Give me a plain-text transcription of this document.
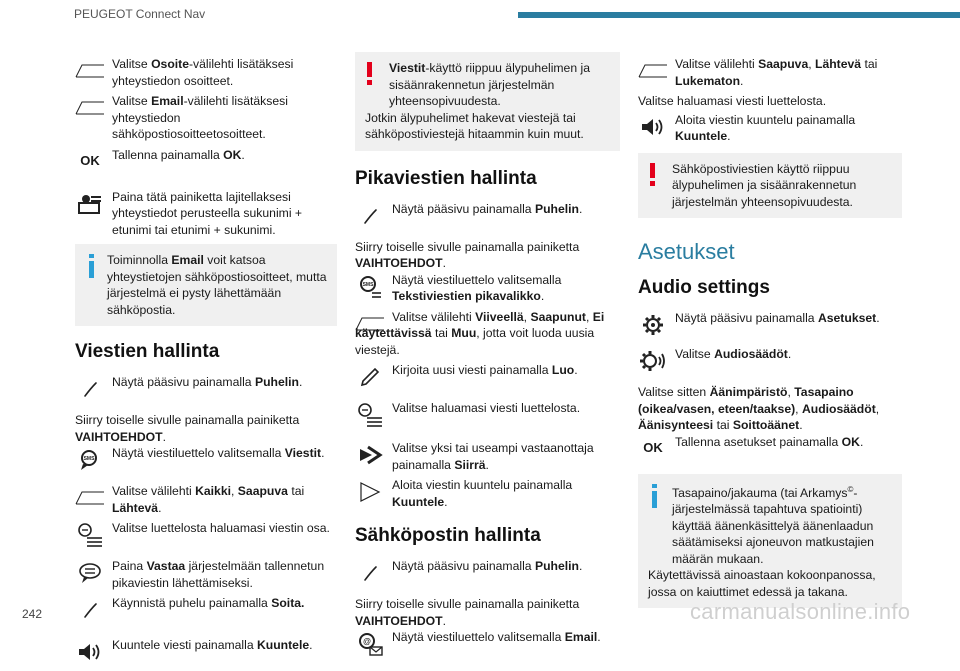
PEUGEOT Connect Nav
Valitse Osoite-välilehti lisätäksesi yhteystiedon osoitteet.
Valitse Email-välilehti lisätäksesi yhteystiedon sähköpostiosoitteetosoitteet.
OK	Tallenna painamalla OK.
Paina tätä painiketta lajitellaksesi yhteystiedot perusteella sukunimi + etunimi tai etunimi + sukunimi.
Toiminnolla Email voit katsoa yhteystietojen sähköpostiosoitteet, mutta järjestelmä ei pysty lähettämään sähköpostia.
Viestien hallinta
Näytä pääsivu painamalla Puhelin.
Siirry toiselle sivulle painamalla painiketta VAIHTOEHDOT.
SMS Näytä viestiluettelo valitsemalla Viestit.
Valitse välilehti Kaikki, Saapuva tai Lähtevä.
Valitse luettelosta haluamasi viestin osa.
Paina Vastaa järjestelmään tallennetun pikaviestin lähettämiseksi.
Käynnistä puhelu painamalla Soita.
Kuuntele viesti painamalla Kuuntele.
Viestit-käyttö riippuu älypuhelimen ja sisäänrakennetun järjestelmän yhteensopivuudesta.
Jotkin älypuhelimet hakevat viestejä tai sähköpostiviestejä hitaammin kuin muut.
Pikaviestien hallinta
Näytä pääsivu painamalla Puhelin.
Siirry toiselle sivulle painamalla painiketta VAIHTOEHDOT.
SMS Näytä viestiluettelo valitsemalla Tekstiviestien pikavalikko.
Valitse välilehti Viiveellä, Saapunut, Ei käytettävissä tai Muu, jotta voit luoda uusia viestejä.
Kirjoita uusi viesti painamalla Luo.
Valitse haluamasi viesti luettelosta.
Valitse yksi tai useampi vastaanottaja painamalla Siirrä.
Aloita viestin kuuntelu painamalla Kuuntele.
Sähköpostin hallinta
Näytä pääsivu painamalla Puhelin.
Siirry toiselle sivulle painamalla painiketta VAIHTOEHDOT.
@ Näytä viestiluettelo valitsemalla Email.
Valitse välilehti Saapuva, Lähtevä tai Lukematon.
Valitse haluamasi viesti luettelosta.
Aloita viestin kuuntelu painamalla Kuuntele.
Sähköpostiviestien käyttö riippuu älypuhelimen ja sisäänrakennetun järjestelmän yhteensopivuudesta.
Asetukset
Audio settings
Näytä pääsivu painamalla Asetukset.
Valitse Audiosäädöt.
Valitse sitten Äänimpäristö, Tasapaino (oikea/vasen, eteen/taakse), Audiosäädöt, Äänisynteesi tai Soittoäänet.
OK	Tallenna asetukset painamalla OK.
Tasapaino/jakauma (tai Arkamys©-järjestelmässä tapahtuva spatiointi) käyttää äänenkäsittelyä äänenlaadun säätämiseksi ajoneuvon matkustajien määrän mukaan.
Käytettävissä ainoastaan kokoonpanossa, jossa on kaiuttimet edessä ja takana.
242	carmanualsonline.info
